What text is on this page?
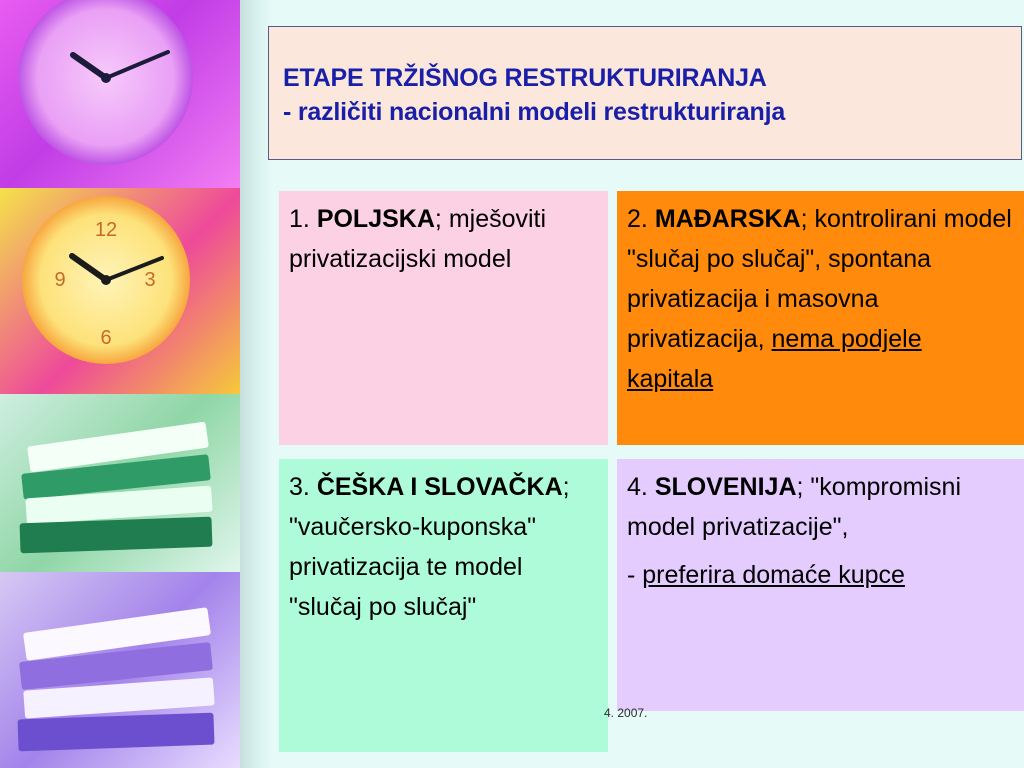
12
3
6
9
ETAPE TRŽIŠNOG RESTRUKTURIRANJA
- različiti nacionalni modeli restrukturiranja

1. POLJSKA; mješoviti privatizacijski model

2. MAĐARSKA; kontrolirani model "slučaj po slučaj", spontana privatizacija i masovna privatizacija, nema podjele kapitala

3. ČEŠKA I SLOVAČKA; "vaučersko-kuponska" privatizacija te model "slučaj po slučaj"

4. SLOVENIJA; "kompromisni model privatizacije",

- preferira domaće kupce

4. 2007.
